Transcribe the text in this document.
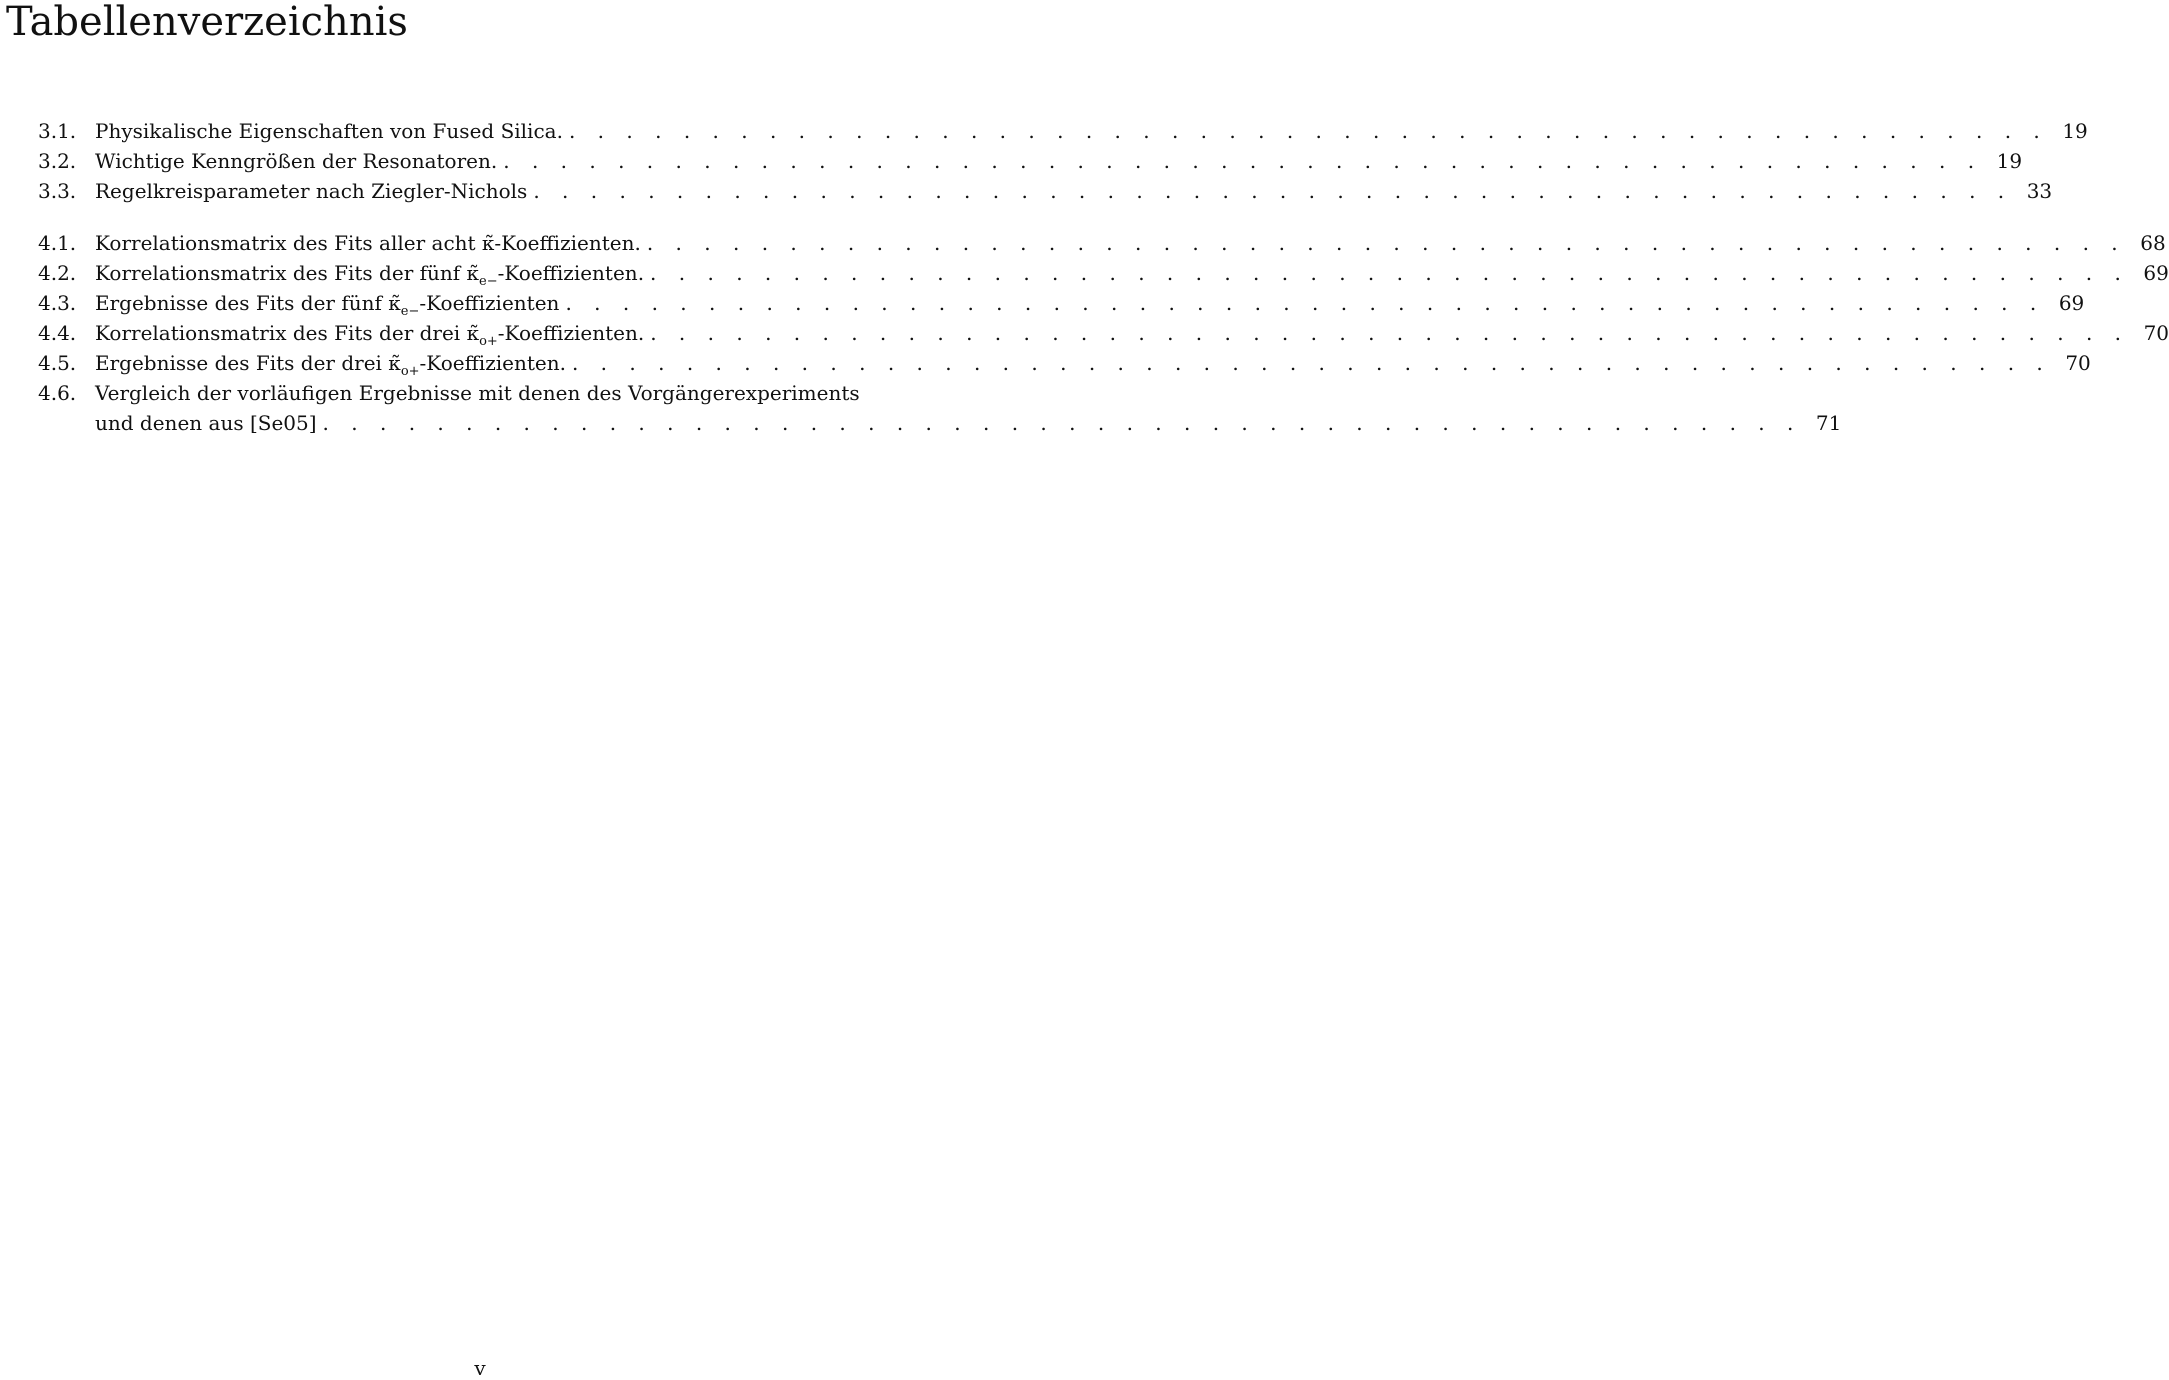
Tabellenverzeichnis
3.1. Physikalische Eigenschaften von Fused Silica. . . . . . . . . . . . . . . . . . . . . . . . . . . . . . . . . . . . . . . . . . . . . . . . . . . . . 19
3.2. Wichtige Kenngrößen der Resonatoren. . . . . . . . . . . . . . . . . . . . . . . . . . . . . . . . . . . . . . . . . . . . . . . . . . . . . 19
3.3. Regelkreisparameter nach Ziegler-Nichols . . . . . . . . . . . . . . . . . . . . . . . . . . . . . . . . . . . . . . . . . . . . . . . . . . . . 33
4.1. Korrelationsmatrix des Fits aller acht κ̃-Koeffizienten. . . . . . . . . . . . . . . . . . . . . . . . . . . . . . . . . . . . . . . . . . . . . . . . . . . . . 68
4.2. Korrelationsmatrix des Fits der fünf $\kappã_{e-}$-Koeffizienten. . . . . . . . . . . . . . . . . . . . . . . . . . . . . . . . . . . . . . . . . . . . . . . . . . . . . 69
4.3. Ergebnisse des Fits der fünf $\kappã_{e-}$-Koeffizienten . . . . . . . . . . . . . . . . . . . . . . . . . . . . . . . . . . . . . . . . . . . . . . . . . . . . 69
4.4. Korrelationsmatrix des Fits der drei $\kappã_{o+}$-Koeffizienten. . . . . . . . . . . . . . . . . . . . . . . . . . . . . . . . . . . . . . . . . . . . . . . . . . . . . 70
4.5. Ergebnisse des Fits der drei $\kappã_{o+}$-Koeffizienten. . . . . . . . . . . . . . . . . . . . . . . . . . . . . . . . . . . . . . . . . . . . . . . . . . . . . 70
4.6. Vergleich der vorläufigen Ergebnisse mit denen des Vorgängerexperiments
und denen aus [Se05] . . . . . . . . . . . . . . . . . . . . . . . . . . . . . . . . . . . . . . . . . . . . . . . . . . . . 71
v
